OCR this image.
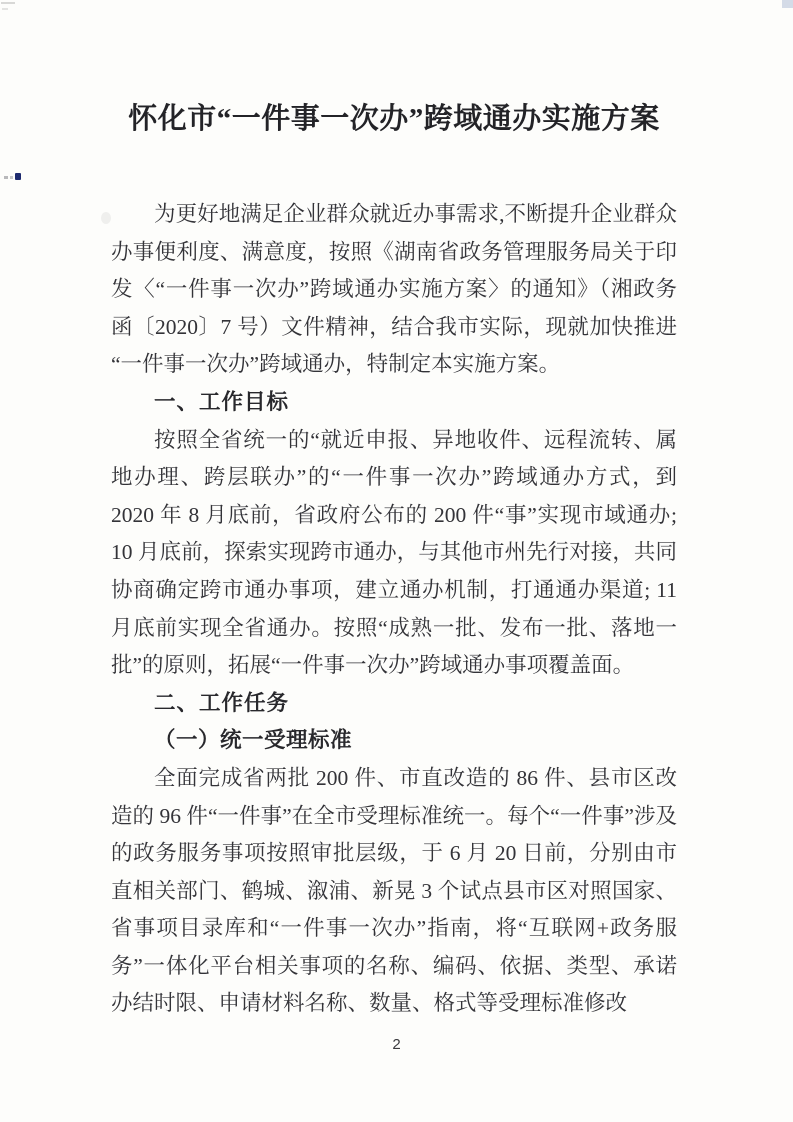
怀化市“一件事一次办”跨域通办实施方案

为更好地满足企业群众就近办事需求,不断提升企业群众办事便利度、满意度，按照《湖南省政务管理服务局关于印发〈“一件事一次办”跨域通办实施方案〉的通知》（湘政务函〔2020〕7 号）文件精神，结合我市实际，现就加快推进“一件事一次办”跨域通办，特制定本实施方案。

一、工作目标

按照全省统一的“就近申报、异地收件、远程流转、属地办理、跨层联办”的“一件事一次办”跨域通办方式，到 2020 年 8 月底前，省政府公布的 200 件“事”实现市域通办; 10 月底前，探索实现跨市通办，与其他市州先行对接，共同协商确定跨市通办事项，建立通办机制，打通通办渠道; 11 月底前实现全省通办。按照“成熟一批、发布一批、落地一批”的原则，拓展“一件事一次办”跨域通办事项覆盖面。

二、工作任务

（一）统一受理标准

全面完成省两批 200 件、市直改造的 86 件、县市区改造的 96 件“一件事”在全市受理标准统一。每个“一件事”涉及的政务服务事项按照审批层级，于 6 月 20 日前，分别由市直相关部门、鹤城、溆浦、新晃 3 个试点县市区对照国家、省事项目录库和“一件事一次办”指南，将“互联网+政务服务”一体化平台相关事项的名称、编码、依据、类型、承诺办结时限、申请材料名称、数量、格式等受理标准修改

2
